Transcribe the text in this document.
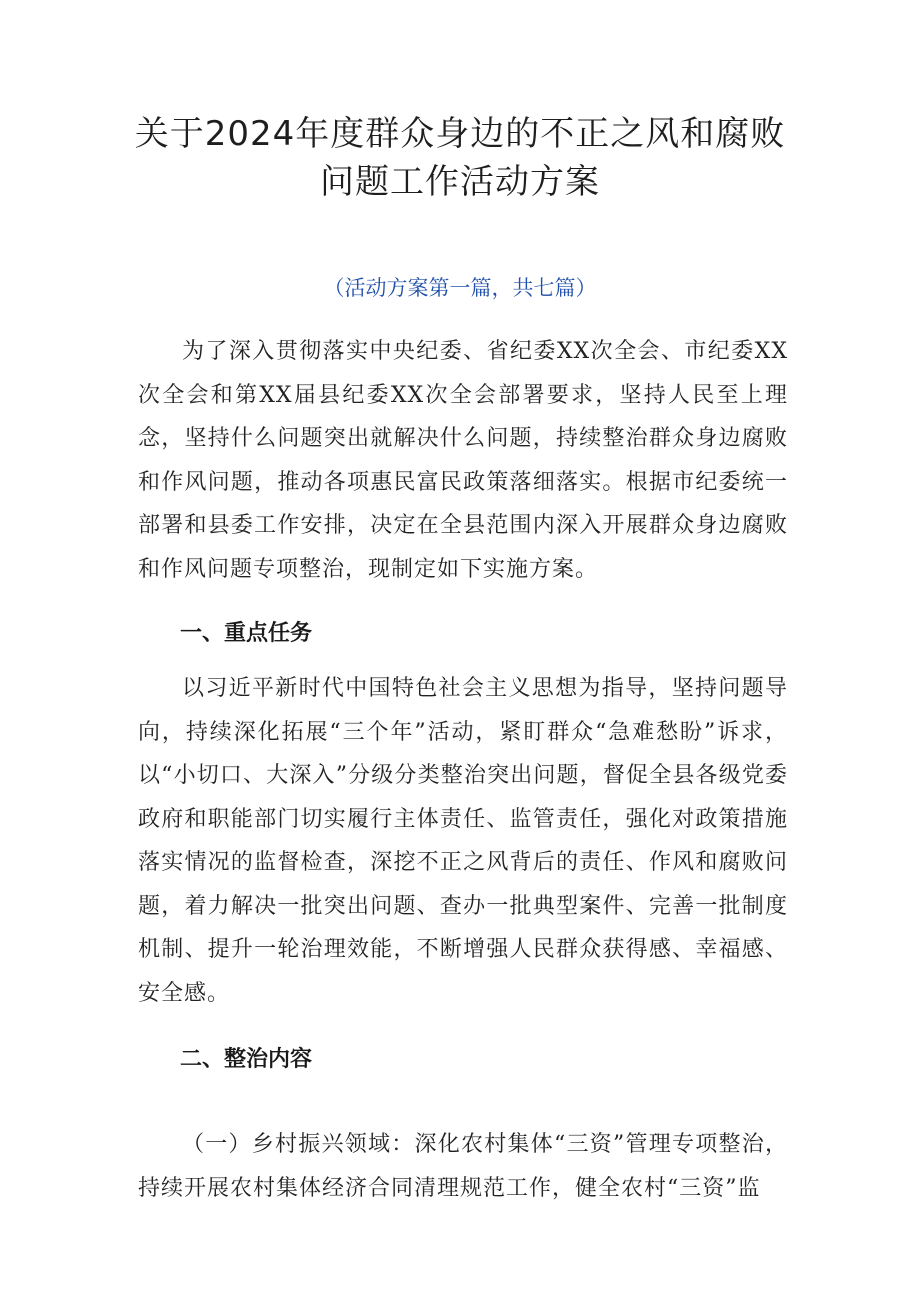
关于2024年度群众身边的不正之风和腐败
问题工作活动方案

（活动方案第一篇，共七篇）

为了深入贯彻落实中央纪委、省纪委XX次全会、市纪委XX次全会和第XX届县纪委XX次全会部署要求，坚持人民至上理念，坚持什么问题突出就解决什么问题，持续整治群众身边腐败和作风问题，推动各项惠民富民政策落细落实。根据市纪委统一部署和县委工作安排，决定在全县范围内深入开展群众身边腐败和作风问题专项整治，现制定如下实施方案。

一、重点任务

以习近平新时代中国特色社会主义思想为指导，坚持问题导向，持续深化拓展“三个年”活动，紧盯群众“急难愁盼”诉求，以“小切口、大深入”分级分类整治突出问题，督促全县各级党委政府和职能部门切实履行主体责任、监管责任，强化对政策措施落实情况的监督检查，深挖不正之风背后的责任、作风和腐败问题，着力解决一批突出问题、查办一批典型案件、完善一批制度机制、提升一轮治理效能，不断增强人民群众获得感、幸福感、安全感。

二、整治内容

（一）乡村振兴领域：深化农村集体“三资”管理专项整治，持续开展农村集体经济合同清理规范工作，健全农村“三资”监
